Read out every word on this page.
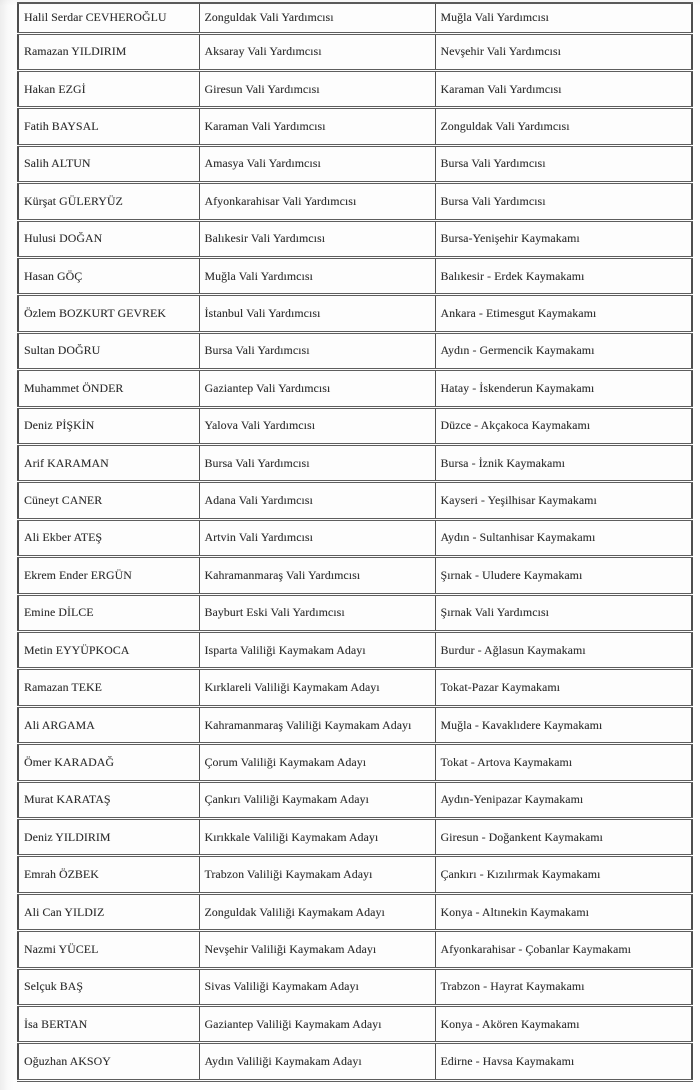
Halil Serdar CEVHEROĞLU	Zonguldak Vali Yardımcısı	Muğla Vali Yardımcısı
Ramazan YILDIRIM	Aksaray Vali Yardımcısı	Nevşehir Vali Yardımcısı
Hakan EZGİ	Giresun Vali Yardımcısı	Karaman Vali Yardımcısı
Fatih BAYSAL	Karaman Vali Yardımcısı	Zonguldak Vali Yardımcısı
Salih ALTUN	Amasya Vali Yardımcısı	Bursa Vali Yardımcısı
Kürşat GÜLERYÜZ	Afyonkarahisar Vali Yardımcısı	Bursa Vali Yardımcısı
Hulusi DOĞAN	Balıkesir Vali Yardımcısı	Bursa-Yenişehir Kaymakamı
Hasan GÖÇ	Muğla Vali Yardımcısı	Balıkesir - Erdek Kaymakamı
Özlem BOZKURT GEVREK	İstanbul Vali Yardımcısı	Ankara - Etimesgut Kaymakamı
Sultan DOĞRU	Bursa Vali Yardımcısı	Aydın - Germencik Kaymakamı
Muhammet ÖNDER	Gaziantep Vali Yardımcısı	Hatay - İskenderun Kaymakamı
Deniz PİŞKİN	Yalova Vali Yardımcısı	Düzce - Akçakoca Kaymakamı
Arif KARAMAN	Bursa Vali Yardımcısı	Bursa - İznik Kaymakamı
Cüneyt CANER	Adana Vali Yardımcısı	Kayseri - Yeşilhisar Kaymakamı
Ali Ekber ATEŞ	Artvin Vali Yardımcısı	Aydın - Sultanhisar Kaymakamı
Ekrem Ender ERGÜN	Kahramanmaraş Vali Yardımcısı	Şırnak - Uludere Kaymakamı
Emine DİLCE	Bayburt Eski Vali Yardımcısı	Şırnak Vali Yardımcısı
Metin EYYÜPKOCA	Isparta Valiliği Kaymakam Adayı	Burdur - Ağlasun Kaymakamı
Ramazan TEKE	Kırklareli Valiliği Kaymakam Adayı	Tokat-Pazar Kaymakamı
Ali ARGAMA	Kahramanmaraş Valiliği Kaymakam Adayı	Muğla - Kavaklıdere Kaymakamı
Ömer KARADAĞ	Çorum Valiliği Kaymakam Adayı	Tokat - Artova Kaymakamı
Murat KARATAŞ	Çankırı Valiliği Kaymakam Adayı	Aydın-Yenipazar Kaymakamı
Deniz YILDIRIM	Kırıkkale Valiliği Kaymakam Adayı	Giresun - Doğankent Kaymakamı
Emrah ÖZBEK	Trabzon Valiliği Kaymakam Adayı	Çankırı - Kızılırmak Kaymakamı
Ali Can YILDIZ	Zonguldak Valiliği Kaymakam Adayı	Konya - Altınekin Kaymakamı
Nazmi YÜCEL	Nevşehir Valiliği Kaymakam Adayı	Afyonkarahisar - Çobanlar Kaymakamı
Selçuk BAŞ	Sivas Valiliği Kaymakam Adayı	Trabzon - Hayrat Kaymakamı
İsa BERTAN	Gaziantep Valiliği Kaymakam Adayı	Konya - Akören Kaymakamı
Oğuzhan AKSOY	Aydın Valiliği Kaymakam Adayı	Edirne - Havsa Kaymakamı
